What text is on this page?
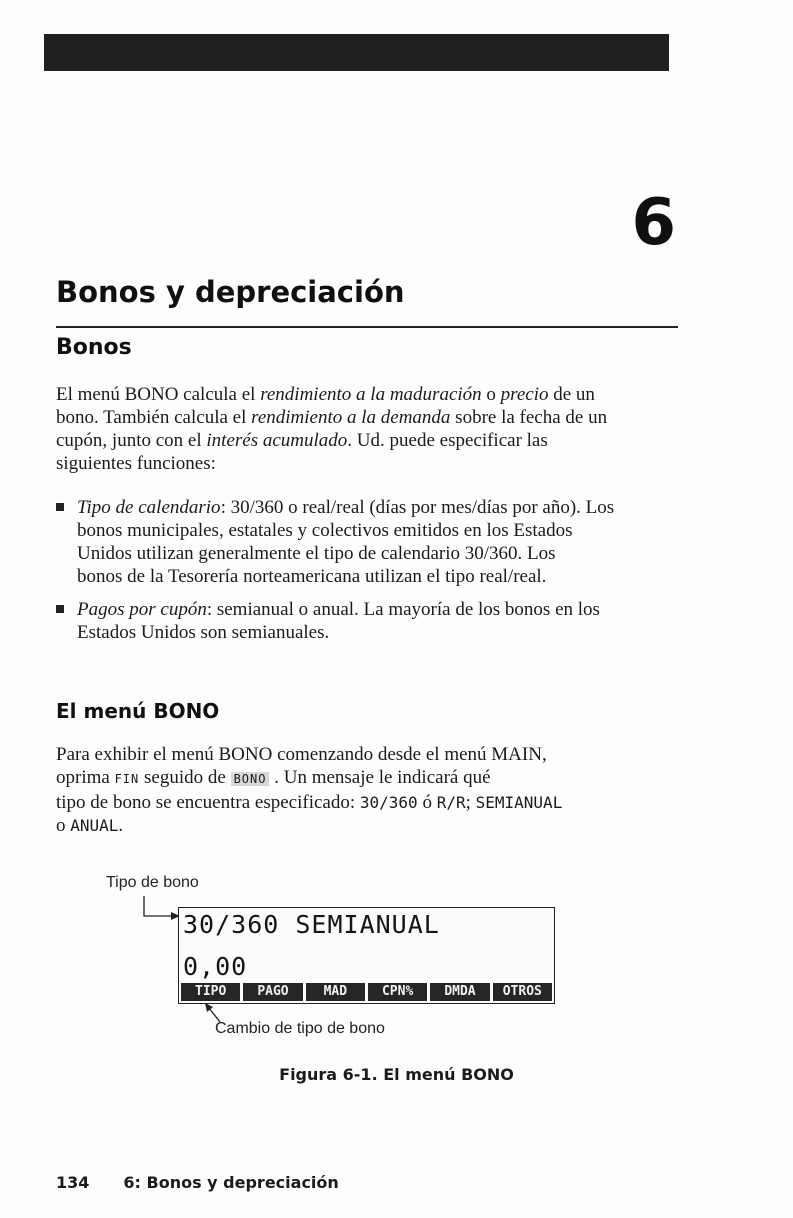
6
Bonos y depreciación
Bonos
El menú BONO calcula el rendimiento a la maduración o precio de un
bono. También calcula el rendimiento a la demanda sobre la fecha de un
cupón, junto con el interés acumulado. Ud. puede especificar las
siguientes funciones:
Tipo de calendario: 30/360 o real/real (días por mes/días por año). Los
bonos municipales, estatales y colectivos emitidos en los Estados
Unidos utilizan generalmente el tipo de calendario 30/360. Los
bonos de la Tesorería norteamericana utilizan el tipo real/real.
Pagos por cupón: semianual o anual. La mayoría de los bonos en los
Estados Unidos son semianuales.
El menú BONO
Para exhibir el menú BONO comenzando desde el menú MAIN,
oprima FIN seguido de BONO . Un mensaje le indicará qué
tipo de bono se encuentra especificado: 30/360 ó R/R; SEMIANUAL
o ANUAL.
Tipo de bono
30/360 SEMIANUAL
0,00
TIPO	PAGO	MAD	CPN%	DMDA	OTROS
Cambio de tipo de bono
Figura 6-1. El menú BONO
134 6: Bonos y depreciación
